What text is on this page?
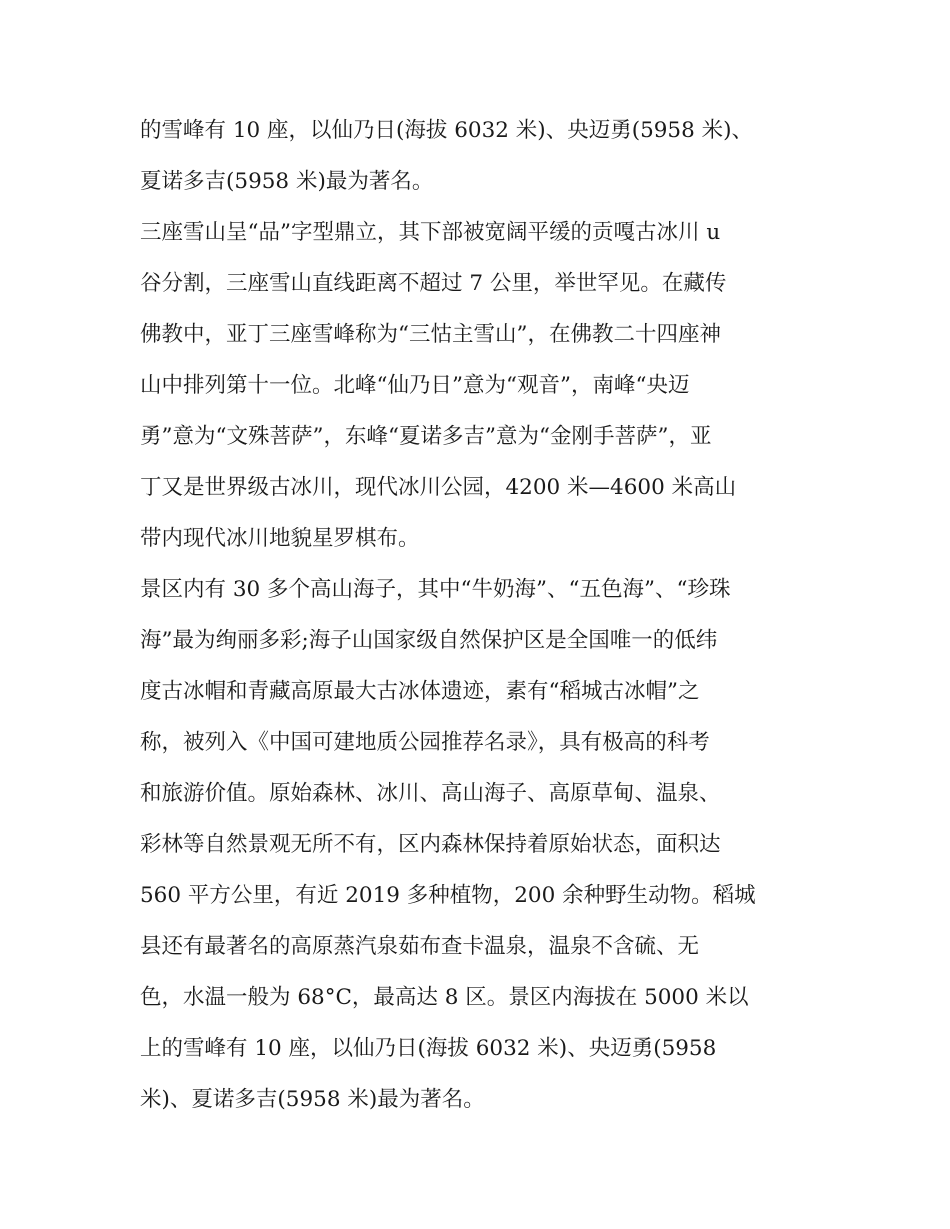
的雪峰有 10 座，以仙乃日(海拔 6032 米)、央迈勇(5958 米)、
夏诺多吉(5958 米)最为著名。
三座雪山呈“品”字型鼎立，其下部被宽阔平缓的贡嘎古冰川 u
谷分割，三座雪山直线距离不超过 7 公里，举世罕见。在藏传
佛教中，亚丁三座雪峰称为“三怙主雪山”，在佛教二十四座神
山中排列第十一位。北峰“仙乃日”意为“观音”，南峰“央迈
勇”意为“文殊菩萨”，东峰“夏诺多吉”意为“金刚手菩萨”，亚
丁又是世界级古冰川，现代冰川公园，4200 米—4600 米高山
带内现代冰川地貌星罗棋布。
景区内有 30 多个高山海子，其中“牛奶海”、“五色海”、“珍珠
海”最为绚丽多彩;海子山国家级自然保护区是全国唯一的低纬
度古冰帽和青藏高原最大古冰体遗迹，素有“稻城古冰帽”之
称，被列入《中国可建地质公园推荐名录》，具有极高的科考
和旅游价值。原始森林、冰川、高山海子、高原草甸、温泉、
彩林等自然景观无所不有，区内森林保持着原始状态，面积达
560 平方公里，有近 2019 多种植物，200 余种野生动物。稻城
县还有最著名的高原蒸汽泉茹布查卡温泉，温泉不含硫、无
色，水温一般为 68°C，最高达 8 区。景区内海拔在 5000 米以
上的雪峰有 10 座，以仙乃日(海拔 6032 米)、央迈勇(5958
米)、夏诺多吉(5958 米)最为著名。
